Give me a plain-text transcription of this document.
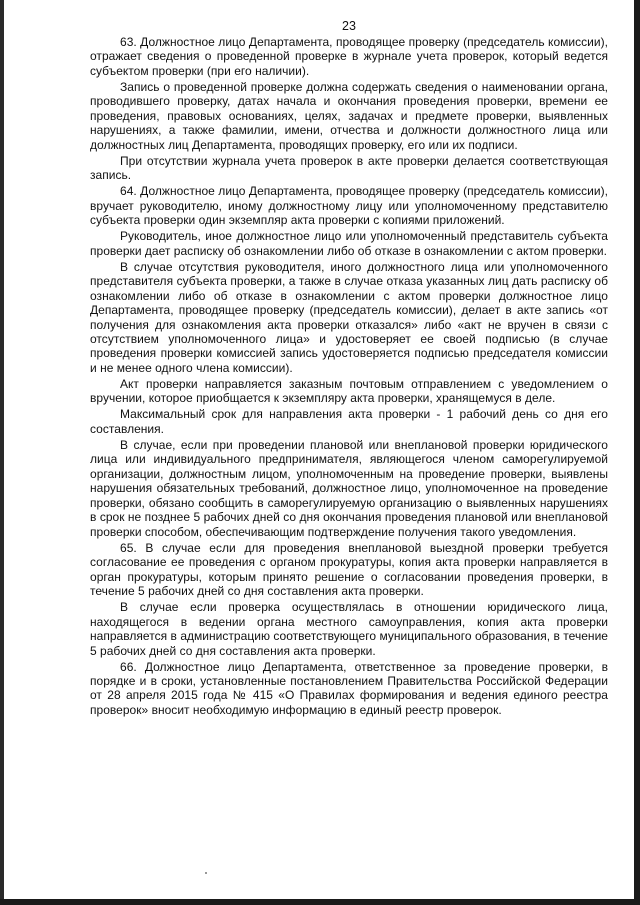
23

63. Должностное лицо Департамента, проводящее проверку (председатель комиссии), отражает сведения о проведенной проверке в журнале учета проверок, который ведется субъектом проверки (при его наличии).

Запись о проведенной проверке должна содержать сведения о наименовании органа, проводившего проверку, датах начала и окончания проведения проверки, времени ее проведения, правовых основаниях, целях, задачах и предмете проверки, выявленных нарушениях, а также фамилии, имени, отчества и должности должностного лица или должностных лиц Департамента, проводящих проверку, его или их подписи.

При отсутствии журнала учета проверок в акте проверки делается соответствующая запись.

64. Должностное лицо Департамента, проводящее проверку (председатель комиссии), вручает руководителю, иному должностному лицу или уполномоченному представителю субъекта проверки один экземпляр акта проверки с копиями приложений.

Руководитель, иное должностное лицо или уполномоченный представитель субъекта проверки дает расписку об ознакомлении либо об отказе в ознакомлении с актом проверки.

В случае отсутствия руководителя, иного должностного лица или уполномоченного представителя субъекта проверки, а также в случае отказа указанных лиц дать расписку об ознакомлении либо об отказе в ознакомлении с актом проверки должностное лицо Департамента, проводящее проверку (председатель комиссии), делает в акте запись «от получения для ознакомления акта проверки отказался» либо «акт не вручен в связи с отсутствием уполномоченного лица» и удостоверяет ее своей подписью (в случае проведения проверки комиссией запись удостоверяется подписью председателя комиссии и не менее одного члена комиссии).

Акт проверки направляется заказным почтовым отправлением с уведомлением о вручении, которое приобщается к экземпляру акта проверки, хранящемуся в деле.

Максимальный срок для направления акта проверки - 1 рабочий день со дня его составления.

В случае, если при проведении плановой или внеплановой проверки юридического лица или индивидуального предпринимателя, являющегося членом саморегулируемой организации, должностным лицом, уполномоченным на проведение проверки, выявлены нарушения обязательных требований, должностное лицо, уполномоченное на проведение проверки, обязано сообщить в саморегулируемую организацию о выявленных нарушениях в срок не позднее 5 рабочих дней со дня окончания проведения плановой или внеплановой проверки способом, обеспечивающим подтверждение получения такого уведомления.

65. В случае если для проведения внеплановой выездной проверки требуется согласование ее проведения с органом прокуратуры, копия акта проверки направляется в орган прокуратуры, которым принято решение о согласовании проведения проверки, в течение 5 рабочих дней со дня составления акта проверки.

В случае если проверка осуществлялась в отношении юридического лица, находящегося в ведении органа местного самоуправления, копия акта проверки направляется в администрацию соответствующего муниципального образования, в течение 5 рабочих дней со дня составления акта проверки.

66. Должностное лицо Департамента, ответственное за проведение проверки, в порядке и в сроки, установленные постановлением Правительства Российской Федерации от 28 апреля 2015 года № 415 «О Правилах формирования и ведения единого реестра проверок» вносит необходимую информацию в единый реестр проверок.
